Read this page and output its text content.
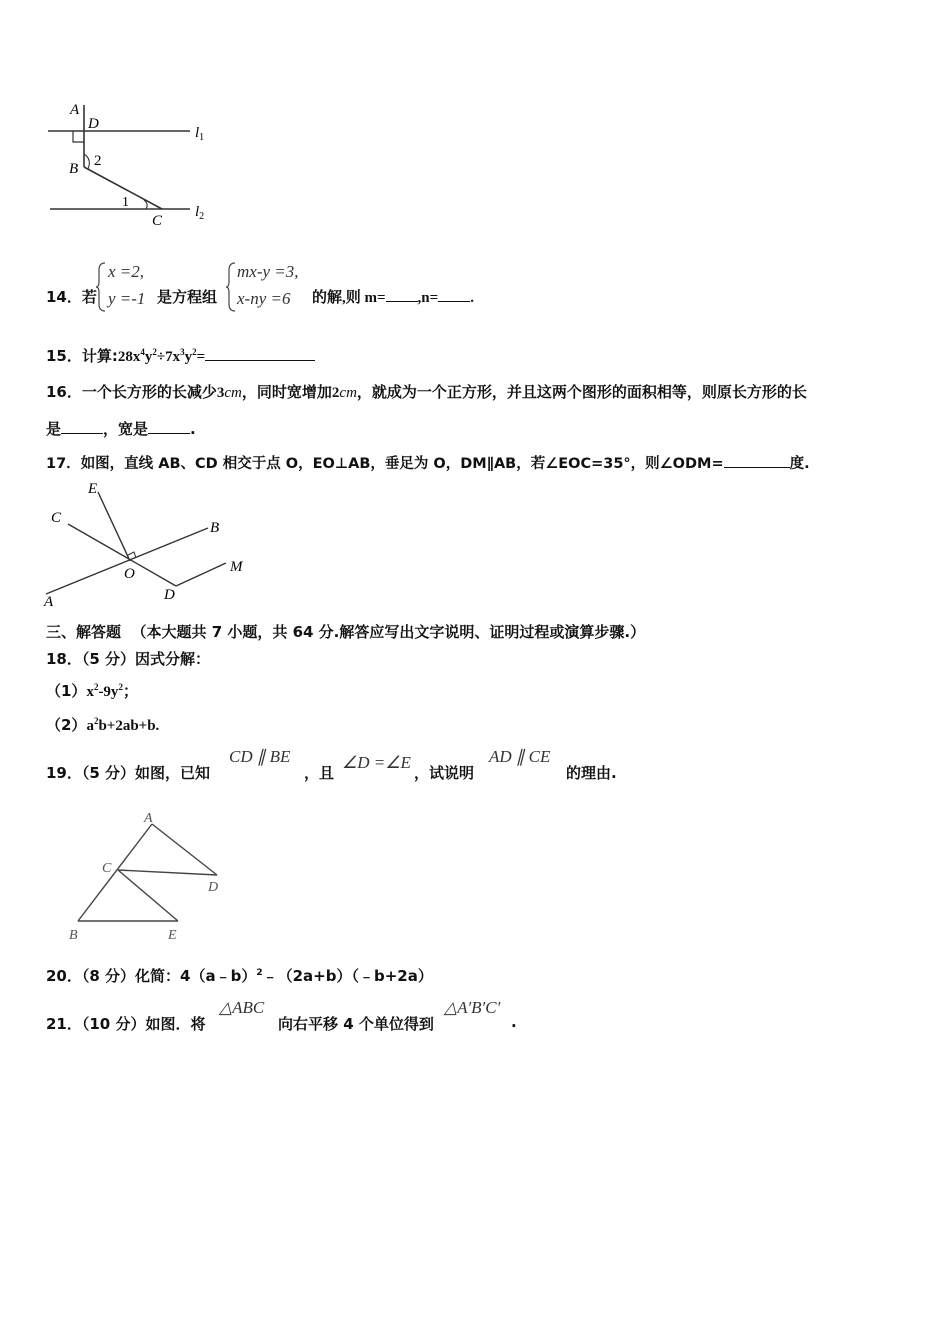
A
D
B 2
1
C
$l_1$
$l_2$
14．若
x =2,
y =-1 是方程组
mx-y =3,
x-ny =6 的解,则 m= ,n= .
15．计算$:28x^4y^2\div 7x^3y^2=$
16．一个长方形的长减少3cm，同时宽增加2cm，就成为一个正方形，并且这两个图形的面积相等，则原长方形的长
是	，宽是	.
17．如图，直线 AB、CD 相交于点 O，EO⊥AB，垂足为 O，DM∥AB，若∠EOC=35°，则∠ODM=	度.
E
C
B
O	M
A	D
三、解答题 （本大题共 7 小题，共 64 分.解答应写出文字说明、证明过程或演算步骤.）
18．（5 分）因式分解：
$(1)x^2-9y^2$；
$(2)a^2b+2ab+b$.
19．（5 分）如图，已知
CD ∥ BE
，且
∠D =∠E
，试说明
AD ∥ CE
的理由.
A
C
D
B	E
20．（8 分）化简：4（a﹣b）$^2$﹣（2a+b）（﹣b+2a）
21．（10 分）如图．将
△ABC
向右平移 4 个单位得到
△A′B′C′
.
